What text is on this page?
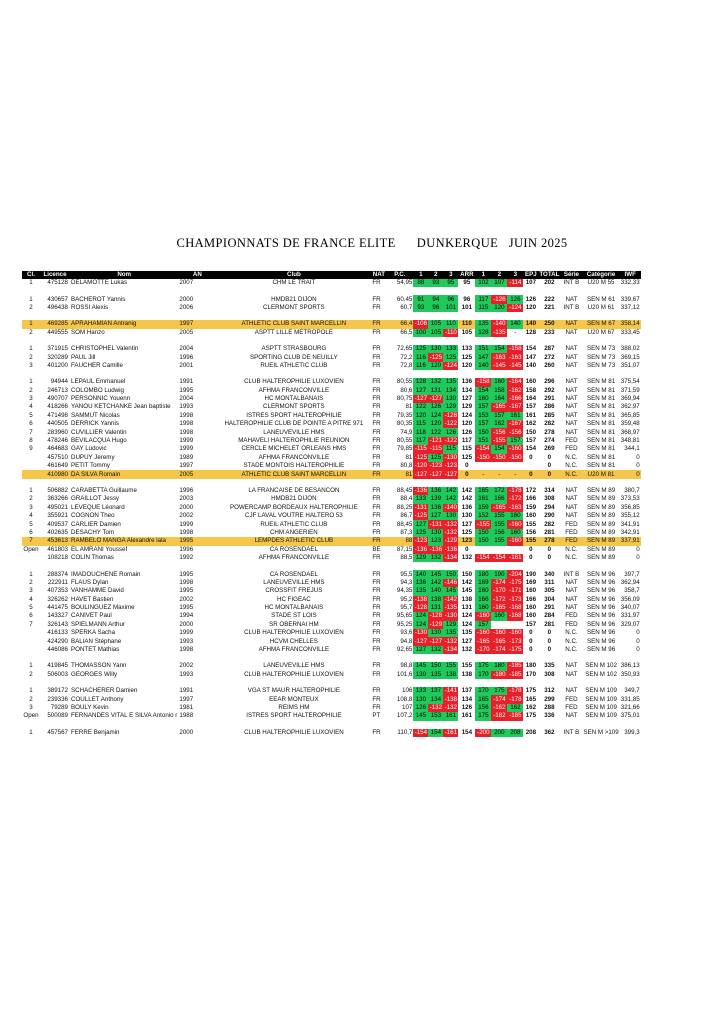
CHAMPIONNATS DE FRANCE ELITE      DUNKERQUE   JUIN 2025
Cl.	Licence	Nom	AN	Club	NAT	P.C.	1	2	3	ARR	1	2	3	EPJ	TOTAL	Série	Catégorie	IWF
1	475128	DELAMOTTE Lukas	2007	CHM LE TRAIT	FR	54,95	88	93	95	95	102	107	-114	107	202	INT B	U20 M 55	332,33

1	430657	BACHEROT Yannis	2000	HMDB21 DIJON	FR	60,45	91	94	96	96	117	-126	126	126	222	NAT	SEN M 61	339,67
2	496438	ROSSI Alexis	2006	CLERMONT SPORTS	FR	60,7	93	96	101	101	115	120	-124	120	221	INT B	U20 M 61	337,12

1	469285	APRAHAMIAN Antranig	1997	ATHLETIC CLUB SAINT MARCELLIN	FR	66,4	-106	105	110	110	135	-140	140	140	250	NAT	SEN M 67	358,14
2	449555	SOM Hanzo	2005	ASPTT LILLE METROPOLE	FR	66,5	100	105	-110	105	128	-135	-	128	233	NAT	U20 M 67	333,45

1	371915	CHRISTOPHEL Valentin	2004	ASPTT STRASBOURG	FR	72,65	125	130	133	133	151	154	-158	154	287	NAT	SEN M 73	388,02
2	320289	PAUL Jill	1996	SPORTING CLUB DE NEUILLY	FR	72,2	116	-125	125	125	147	-163	-163	147	272	NAT	SEN M 73	369,15
3	401200	FAUCHER Camille	2001	RUEIL ATHLETIC CLUB	FR	72,8	116	120	-124	120	140	-145	-145	140	260	NAT	SEN M 73	351,07

1	94944	LEPAUL Emmanuel	1991	CLUB HALTEROPHILIE LUXOVIEN	FR	80,55	128	132	135	136	-158	160	-164	160	296	NAT	SEN M 81	375,54
2	246713	COLOMBO Ludwig	1995	AFHMA FRANCONVILLE	FR	80,6	127	131	134	134	154	158	-162	158	292	NAT	SEN M 81	371,59
3	490707	PERSONNIC Youenn	2004	HC MONTALBANAIS	FR	80,75	-127	-127	130	127	160	164	-166	164	291	NAT	SEN M 81	369,94
4	418266	YANOU KETCHANKE Jean baptiste	1993	CLERMONT SPORTS	FR	81	122	126	129	129	157	-165	-167	157	286	NAT	SEN M 81	362,97
5	471498	SAMMUT Nicolas	1998	ISTRES SPORT HALTEROPHILIE	FR	79,35	120	124	-128	124	153	157	161	161	285	NAT	SEN M 81	365,85
6	440505	DERRICK Yannis	1998	HALTEROPHILIE CLUB DE POINTE A PITRE 971	FR	80,35	115	120	-122	120	157	162	-167	162	282	NAT	SEN M 81	359,48
7	283960	CUVILLIER Valentin	1998	LANEUVEVILLE HMS	FR	74,9	118	122	126	126	150	-156	-156	150	278	NAT	SEN M 81	368,97
8	478246	BEVILACQUA Hugo	1999	MAHAVELI HALTEROPHILIE REUNION	FR	80,55	117	-121	-122	117	151	-155	157	157	274	FED	SEN M 81	348,81
9	464683	GAY Ludovic	1999	CERCLE MICHELET ORLEANS HMS	FR	79,85	-115	-115	115	115	-154	154	-160	154	269	FED	SEN M 81	344,1
	457510	DUPUY Jeremy	1989	AFHMA FRANCONVILLE	FR	81	-125	125	-130	125	-150	-150	-150	0	0	N.C.	SEN M 81	0
	461649	PETIT Tommy	1997	STADE MONTOIS HALTEROPHILIE	FR	80,8	-120	-123	-123	0					0	N.C.	SEN M 81	0
	410980	DA SILVA Romain	2005	ATHLETIC CLUB SAINT MARCELLIN	FR	81	-127	-127	-127	0	-	-	-	0	0	N.C.	U20 M 81	0

1	506882	CARABETTA Guillaume	1996	LA FRANCAISE DE BESANCON	FR	88,45	-136	136	142	142	165	172	-178	172	314	NAT	SEN M 89	380,7
2	363266	GRAILLOT Jessy	2003	HMDB21 DIJON	FR	88,4	133	139	142	142	161	166	-172	166	308	NAT	SEN M 89	373,53
3	495021	LEVEQUE Léonard	2000	POWERCAMP BORDEAUX HALTEROPHILIE	FR	88,25	-131	136	-140	136	159	-165	-163	159	294	NAT	SEN M 89	356,85
4	355921	COGNON Theo	2002	CJF LAVAL VOUTRE HALTERO 53	FR	86,7	-125	127	130	130	152	155	160	160	290	NAT	SEN M 89	355,12
5	409537	CARLIER Damien	1999	RUEIL ATHLETIC CLUB	FR	88,45	127	-131	-132	127	-155	155	-160	155	282	FED	SEN M 89	341,91
6	402635	DESACHY Tom	1998	CHM ANGERIEN	FR	87,3	125	130	-132	125	150	156	160	156	281	FED	SEN M 89	342,91
7	453613	RAMBELO MANGA Alexandre lala	1995	LEMPDES ATHLETIC CLUB	FR	88	-123	123	-129	123	150	155	-160	155	278	FED	SEN M 89	337,91
Open	461803	EL AMRANI Youssef	1996	CA ROSENDAEL	BE	87,15	-136	-136	-136	0				0	0	N.C.	SEN M 89	0
	108218	COLIN Thomas	1992	AFHMA FRANCONVILLE	FR	88,5	129	132	-134	132	-154	-154	-161	0	0	N.C.	SEN M 89	0

1	288374	IMADOUCHENE Romain	1995	CA ROSENDAEL	FR	95,5	140	145	150	150	180	190	-204	190	340	INT B	SEN M 96	397,7
2	222911	FLAUS Dylan	1998	LANEUVEVILLE HMS	FR	94,3	136	142	-146	142	169	-174	-175	169	311	NAT	SEN M 96	362,94
3	407353	VANHAMME David	1995	CROSSFIT FREJUS	FR	94,35	135	140	145	145	160	-170	-171	160	305	NAT	SEN M 96	358,7
4	326262	HAVET Bastien	2002	HC FIGEAC	FR	95,2	-138	138	-142	138	166	-172	-173	166	304	NAT	SEN M 96	356,09
5	441475	BOULINGUEZ Maxime	1995	HC MONTALBANAIS	FR	95,7	-128	131	-135	131	160	-165	-168	160	291	NAT	SEN M 96	340,07
6	143327	CANIVET Paul	1994	STADE ST LOIS	FR	95,65	124	-128	-130	124	-160	160	-168	160	284	FED	SEN M 96	331,97
7	326143	SPIELMANN Arthur	2000	SR OBERNAI HM	FR	95,25	124	-129	129	124	157			157	281	FED	SEN M 96	329,07
	416133	SPERKA Sacha	1999	CLUB HALTEROPHILIE LUXOVIEN	FR	93,6	-130	130	135	135	-160	-160	-160	0	0	N.C.	SEN M 96	0
	424290	BALIAN Stéphane	1993	HCVM CHELLES	FR	94,8	-127	-127	-132	127	-165	-165	-173	0	0	N.C.	SEN M 96	0
	446086	PONTET Mathias	1998	AFHMA FRANCONVILLE	FR	92,65	127	132	-134	132	-170	-174	-175	0	0	N.C.	SEN M 96	0

1	419845	THOMASSON Yann	2002	LANEUVEVILLE HMS	FR	98,8	145	150	155	155	175	180	-185	180	335	NAT	SEN M 102	386,13
2	506003	GEORGES Willy	1993	CLUB HALTEROPHILIE LUXOVIEN	FR	101,6	130	135	138	138	170	-180	-185	170	308	NAT	SEN M 102	350,93

1	389172	SCHACHERER Damien	1991	VGA ST MAUR HALTEROPHILIE	FR	106	133	137	-141	137	170	175	-178	175	312	NAT	SEN M 109	349,7
2	239336	COULLET Anthony	1997	EEAR MONTEUX	FR	108,8	130	134	-138	134	165	-174	-178	165	299	FED	SEN M 109	331,85
3	79289	BOULY Kevin	1981	REIMS HM	FR	107	126	-132	-132	126	156	-162	162	162	288	FED	SEN M 109	321,66
Open	500089	FERNANDES VITAL E SILVA Antonio r	1988	ISTRES SPORT HALTEROPHILIE	PT	107,2	145	153	161	161	175	-182	-185	175	336	NAT	SEN M 109	375,01

1	457567	FERRE Benjamin	2000	CLUB HALTEROPHILIE LUXOVIEN	FR	110,7	-154	154	-161	154	-200	200	208	208	362	INT B	SEN M >109	399,3
